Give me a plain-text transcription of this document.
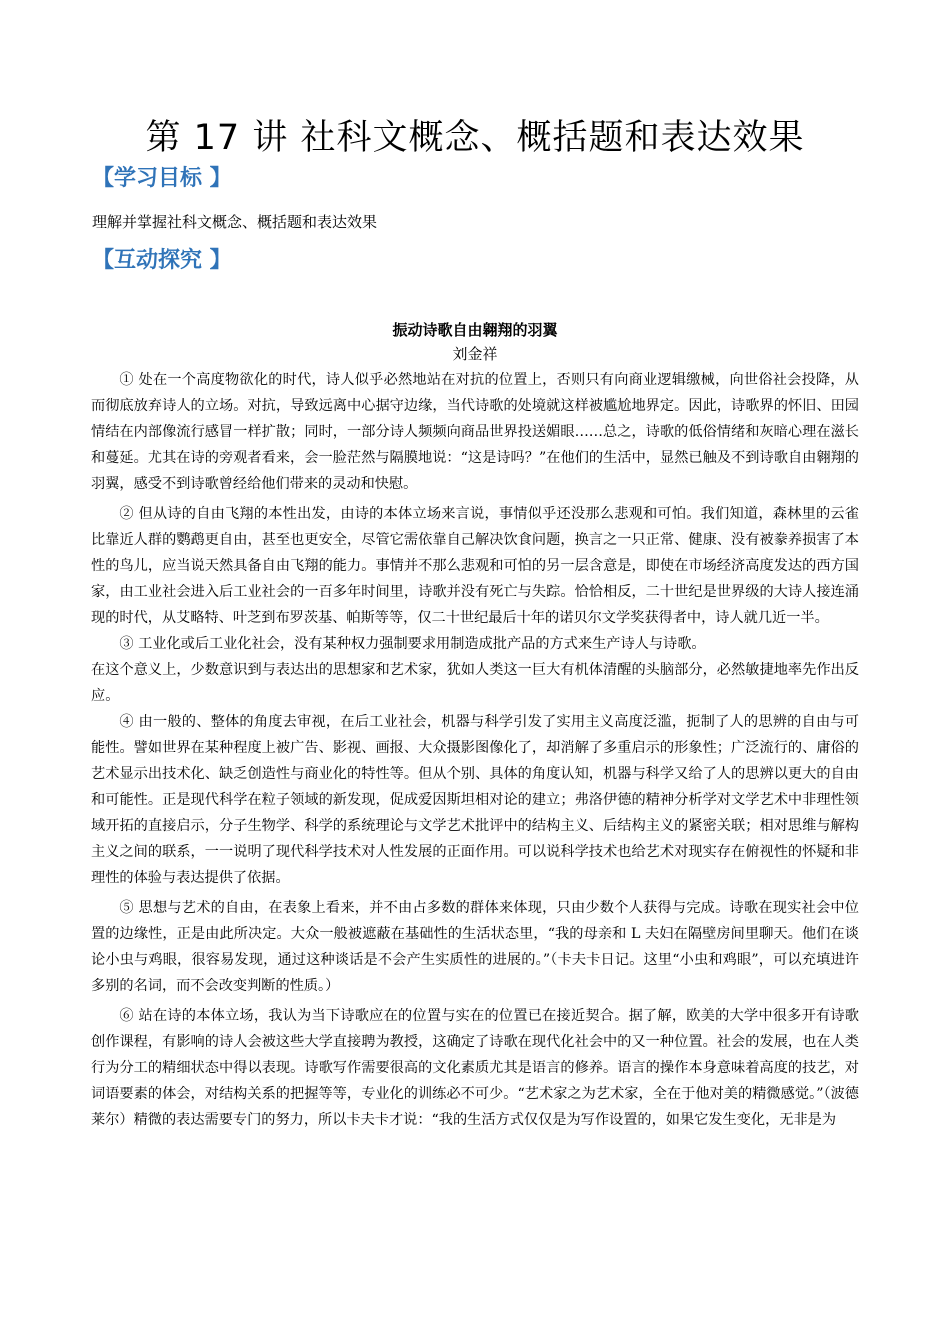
第 17 讲 社科文概念、概括题和表达效果
【学习目标 】
理解并掌握社科文概念、概括题和表达效果
【互动探究 】
振动诗歌自由翱翔的羽翼
刘金祥

① 处在一个高度物欲化的时代，诗人似乎必然地站在对抗的位置上，否则只有向商业逻辑缴械，向世俗社会投降，从而彻底放弃诗人的立场。对抗，导致远离中心据守边缘，当代诗歌的处境就这样被尴尬地界定。因此，诗歌界的怀旧、田园情结在内部像流行感冒一样扩散；同时，一部分诗人频频向商品世界投送媚眼……总之，诗歌的低俗情绪和灰暗心理在滋长和蔓延。尤其在诗的旁观者看来，会一脸茫然与隔膜地说：“这是诗吗？”在他们的生活中，显然已触及不到诗歌自由翱翔的羽翼，感受不到诗歌曾经给他们带来的灵动和快慰。

② 但从诗的自由飞翔的本性出发，由诗的本体立场来言说，事情似乎还没那么悲观和可怕。我们知道，森林里的云雀比靠近人群的鹦鹉更自由，甚至也更安全，尽管它需依靠自己解决饮食问题，换言之一只正常、健康、没有被豢养损害了本性的鸟儿，应当说天然具备自由飞翔的能力。事情并不那么悲观和可怕的另一层含意是，即使在市场经济高度发达的西方国家，由工业社会进入后工业社会的一百多年时间里，诗歌并没有死亡与失踪。恰恰相反，二十世纪是世界级的大诗人接连涌现的时代，从艾略特、叶芝到布罗茨基、帕斯等等，仅二十世纪最后十年的诺贝尔文学奖获得者中，诗人就几近一半。

③ 工业化或后工业化社会，没有某种权力强制要求用制造成批产品的方式来生产诗人与诗歌。

在这个意义上，少数意识到与表达出的思想家和艺术家，犹如人类这一巨大有机体清醒的头脑部分，必然敏捷地率先作出反应。

④ 由一般的、整体的角度去审视，在后工业社会，机器与科学引发了实用主义高度泛滥，扼制了人的思辨的自由与可能性。譬如世界在某种程度上被广告、影视、画报、大众摄影图像化了，却消解了多重启示的形象性；广泛流行的、庸俗的艺术显示出技术化、缺乏创造性与商业化的特性等。但从个别、具体的角度认知，机器与科学又给了人的思辨以更大的自由和可能性。正是现代科学在粒子领域的新发现，促成爱因斯坦相对论的建立；弗洛伊德的精神分析学对文学艺术中非理性领域开拓的直接启示，分子生物学、科学的系统理论与文学艺术批评中的结构主义、后结构主义的紧密关联；相对思维与解构主义之间的联系，一一说明了现代科学技术对人性发展的正面作用。可以说科学技术也给艺术对现实存在俯视性的怀疑和非理性的体验与表达提供了依据。

⑤ 思想与艺术的自由，在表象上看来，并不由占多数的群体来体现，只由少数个人获得与完成。诗歌在现实社会中位置的边缘性，正是由此所决定。大众一般被遮蔽在基础性的生活状态里，“我的母亲和 L 夫妇在隔壁房间里聊天。他们在谈论小虫与鸡眼，很容易发现，通过这种谈话是不会产生实质性的进展的。”（卡夫卡日记。这里“小虫和鸡眼”，可以充填进许多别的名词，而不会改变判断的性质。）

⑥ 站在诗的本体立场，我认为当下诗歌应在的位置与实在的位置已在接近契合。据了解，欧美的大学中很多开有诗歌创作课程，有影响的诗人会被这些大学直接聘为教授，这确定了诗歌在现代化社会中的又一种位置。社会的发展，也在人类行为分工的精细状态中得以表现。诗歌写作需要很高的文化素质尤其是语言的修养。语言的操作本身意味着高度的技艺，对词语要素的体会，对结构关系的把握等等，专业化的训练必不可少。“艺术家之为艺术家，全在于他对美的精微感觉。”（波德莱尔）精微的表达需要专门的努力，所以卡夫卡才说：“我的生活方式仅仅是为写作设置的，如果它发生变化，无非是为
